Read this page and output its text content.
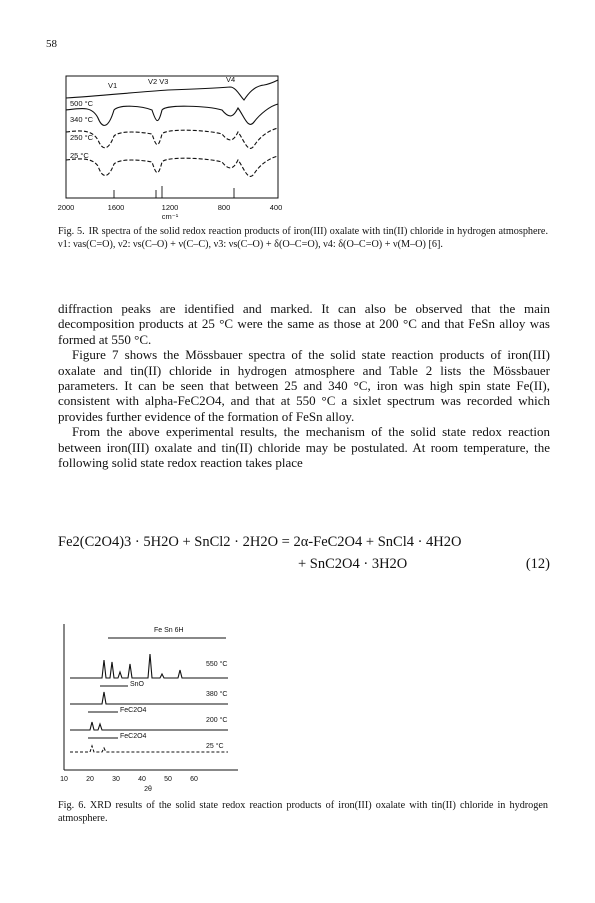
58
500 °C
340 °C
250 °C
25 °C
V1	V2 V3	V4
2000	1600	1200	800	400
cm⁻¹
Fig. 5. IR spectra of the solid redox reaction products of iron(III) oxalate with tin(II) chloride in hydrogen atmosphere. ν1: νas(C=O), ν2: νs(C–O) + ν(C–C), ν3: νs(C–O) + δ(O–C=O), ν4: δ(O–C=O) + ν(M–O) [6].

diffraction peaks are identified and marked. It can also be observed that the main decomposition products at 25 °C were the same as those at 200 °C and that FeSn alloy was formed at 550 °C.

Figure 7 shows the Mössbauer spectra of the solid state reaction products of iron(III) oxalate and tin(II) chloride in hydrogen atmosphere and Table 2 lists the Mössbauer parameters. It can be seen that between 25 and 340 °C, iron was high spin state Fe(II), consistent with alpha-FeC2O4, and that at 550 °C a sixlet spectrum was recorded which provides further evidence of the formation of FeSn alloy.

From the above experimental results, the mechanism of the solid state redox reaction between iron(III) oxalate and tin(II) chloride may be postulated. At room temperature, the following solid state redox reaction takes place

Fe2(C2O4)3 · 5H2O + SnCl2 · 2H2O = 2α-FeC2O4 + SnCl4 · 4H2O
+ SnC2O4 · 3H2O	(12)
Fe Sn 6H
SnO
FeC2O4
FeC2O4
550 °C
380 °C
200 °C
25 °C
10	20	30	40	50	60
2θ
Fig. 6. XRD results of the solid state redox reaction products of iron(III) oxalate with tin(II) chloride in hydrogen atmosphere.
